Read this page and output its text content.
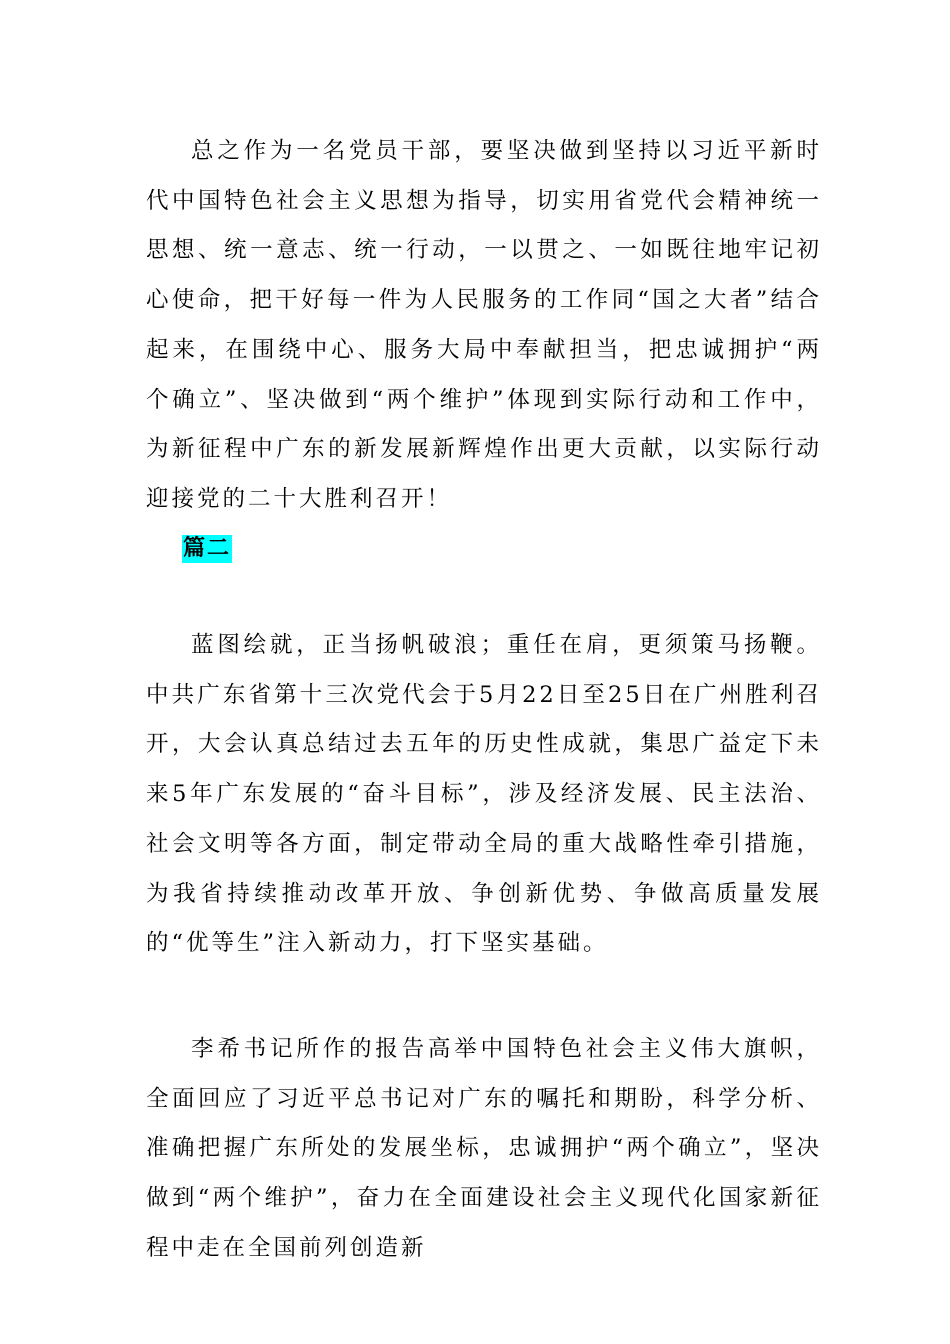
总之作为一名党员干部，要坚决做到坚持以习近平新时代中国特色社会主义思想为指导，切实用省党代会精神统一思想、统一意志、统一行动，一以贯之、一如既往地牢记初心使命，把干好每一件为人民服务的工作同“国之大者”结合起来，在围绕中心、服务大局中奉献担当，把忠诚拥护“两个确立”、坚决做到“两个维护”体现到实际行动和工作中，为新征程中广东的新发展新辉煌作出更大贡献，以实际行动迎接党的二十大胜利召开！

篇二

蓝图绘就，正当扬帆破浪；重任在肩，更须策马扬鞭。中共广东省第十三次党代会于5月22日至25日在广州胜利召开，大会认真总结过去五年的历史性成就，集思广益定下未来5年广东发展的“奋斗目标”，涉及经济发展、民主法治、社会文明等各方面，制定带动全局的重大战略性牵引措施，为我省持续推动改革开放、争创新优势、争做高质量发展的“优等生”注入新动力，打下坚实基础。

李希书记所作的报告高举中国特色社会主义伟大旗帜，全面回应了习近平总书记对广东的嘱托和期盼，科学分析、准确把握广东所处的发展坐标，忠诚拥护“两个确立”，坚决做到“两个维护”，奋力在全面建设社会主义现代化国家新征程中走在全国前列创造新
